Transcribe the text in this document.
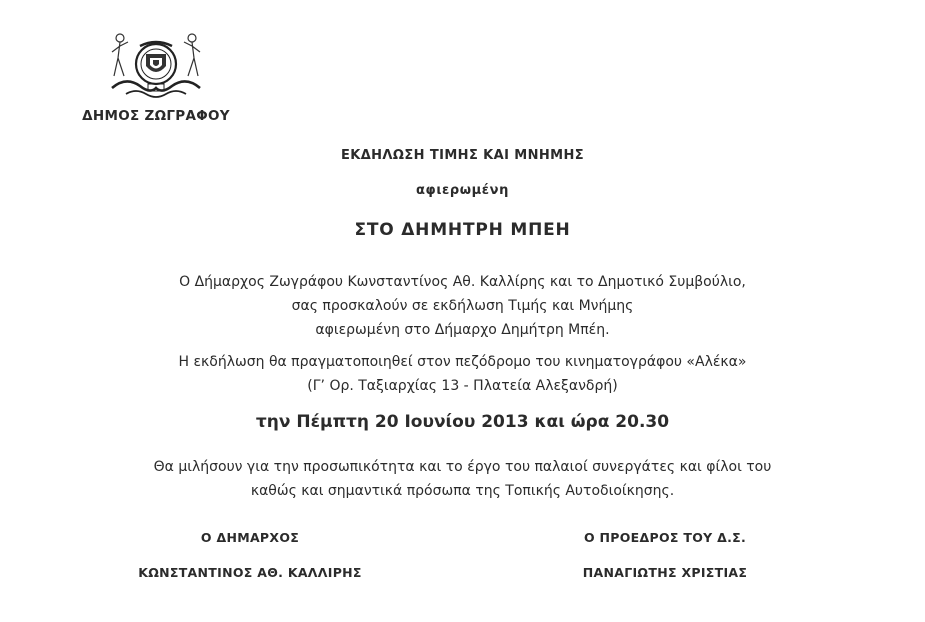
ΔΗΜΟΣ ΖΩΓΡΑΦΟΥ
ΕΚΔΗΛΩΣΗ ΤΙΜΗΣ ΚΑΙ ΜΝΗΜΗΣ
αφιερωμένη
ΣΤΟ ΔΗΜΗΤΡΗ ΜΠΕΗ
Ο Δήμαρχος Ζωγράφου Κωνσταντίνος Αθ. Καλλίρης και το Δημοτικό Συμβούλιο,
σας προσκαλούν σε εκδήλωση Τιμής και Μνήμης
αφιερωμένη στο Δήμαρχο Δημήτρη Μπέη.
Η εκδήλωση θα πραγματοποιηθεί στον πεζόδρομο του κινηματογράφου «Αλέκα»
(Γ’ Ορ. Ταξιαρχίας 13 - Πλατεία Αλεξανδρή)
την Πέμπτη 20 Ιουνίου 2013 και ώρα 20.30
Θα μιλήσουν για την προσωπικότητα και το έργο του παλαιοί συνεργάτες και φίλοι του
καθώς και σημαντικά πρόσωπα της Τοπικής Αυτοδιοίκησης.
Ο ΔΗΜΑΡΧΟΣ
ΚΩΝΣΤΑΝΤΙΝΟΣ ΑΘ. ΚΑΛΛΙΡΗΣ
Ο ΠΡΟΕΔΡΟΣ ΤΟΥ Δ.Σ.
ΠΑΝΑΓΙΩΤΗΣ ΧΡΙΣΤΙΑΣ
